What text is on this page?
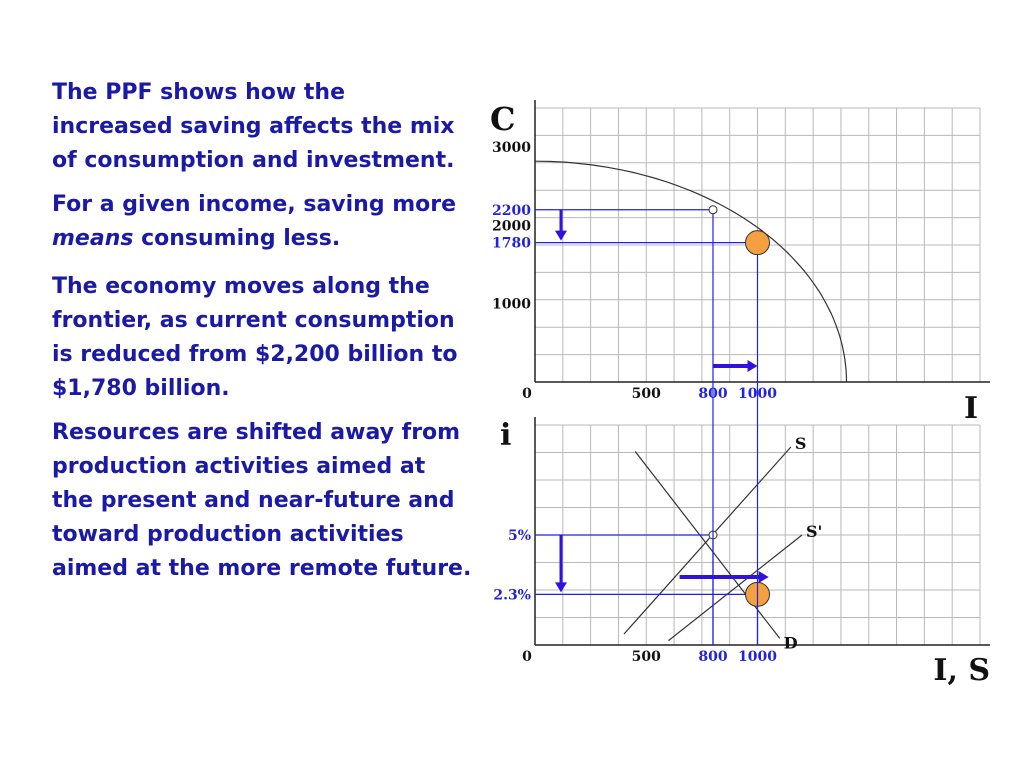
The PPF shows how the increased saving affects the mix of consumption and investment.

For a given income, saving more means consuming less.

The economy moves along the frontier, as current consumption is reduced from $2,200 billion to $1,780 billion.

Resources are shifted away from production activities aimed at the present and near-future and toward production activities aimed at the more remote future.

C
I
0	500	800 1000
1000
1780
2000
2200
3000
i
I, S
0	500	800 1000
5%
2.3%
S
S'
D
